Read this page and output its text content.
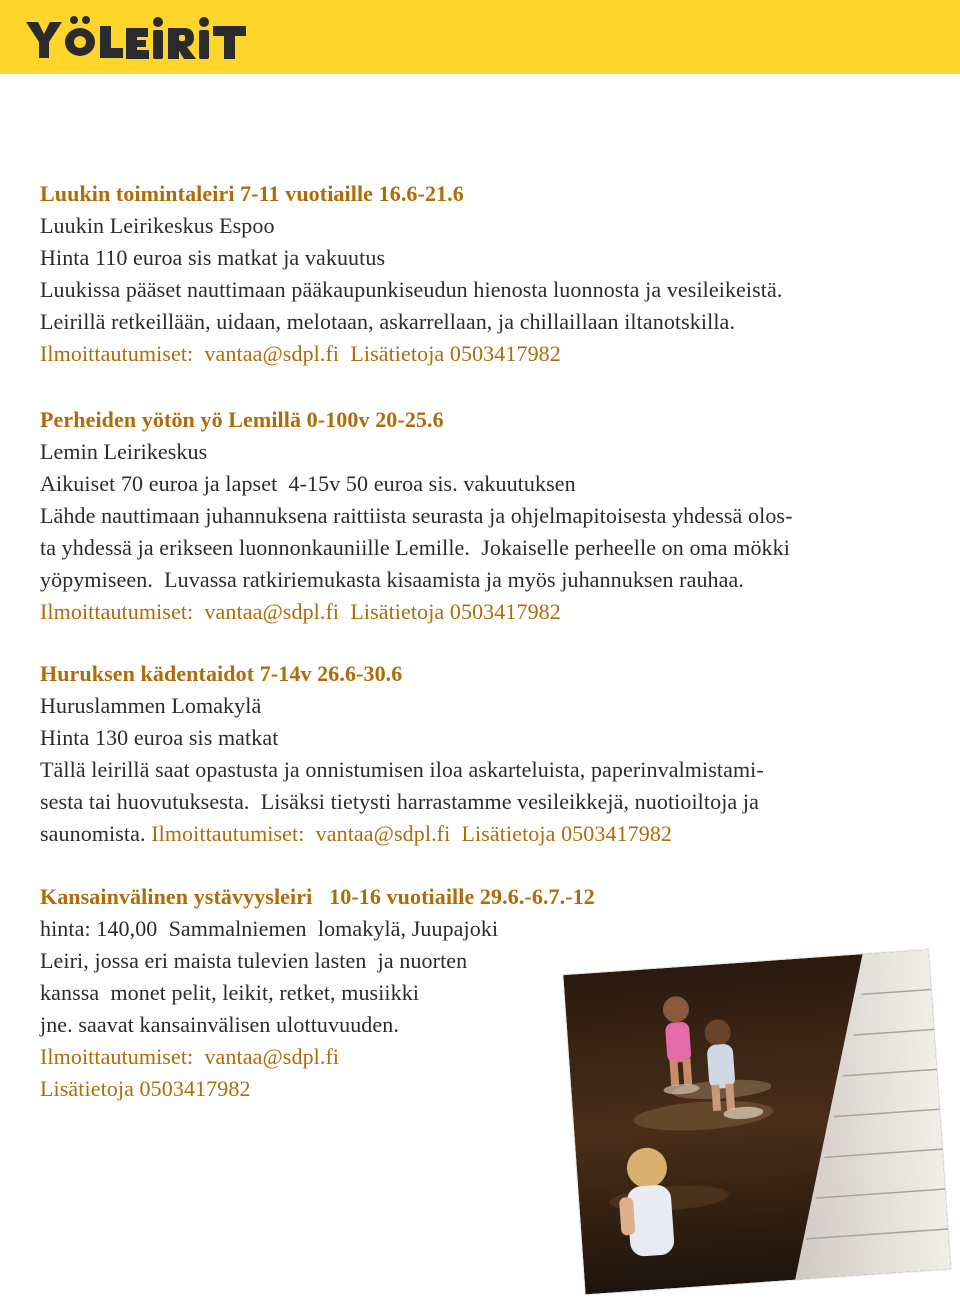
Luukin toimintaleiri 7-11 vuotiaille 16.6-21.6
Luukin Leirikeskus Espoo
Hinta 110 euroa sis matkat ja vakuutus
Luukissa pääset nauttimaan pääkaupunkiseudun hienosta luonnosta ja vesileikeistä.
Leirillä retkeillään, uidaan, melotaan, askarrellaan, ja chillaillaan iltanotskilla.
Ilmoittautumiset:  vantaa@sdpl.fi  Lisätietoja 0503417982
Perheiden yötön yö Lemillä 0-100v 20-25.6
Lemin Leirikeskus
Aikuiset 70 euroa ja lapset  4-15v 50 euroa sis. vakuutuksen
Lähde nauttimaan juhannuksena raittiista seurasta ja ohjelmapitoisesta yhdessä olos-
ta yhdessä ja erikseen luonnonkauniille Lemille.  Jokaiselle perheelle on oma mökki
yöpymiseen.  Luvassa ratkiriemukasta kisaamista ja myös juhannuksen rauhaa.
Ilmoittautumiset:  vantaa@sdpl.fi  Lisätietoja 0503417982
Huruksen kädentaidot 7-14v 26.6-30.6
Huruslammen Lomakylä
Hinta 130 euroa sis matkat
Tällä leirillä saat opastusta ja onnistumisen iloa askarteluista, paperinvalmistami-
sesta tai huovutuksesta.  Lisäksi tietysti harrastamme vesileikkejä, nuotioiltoja ja
saunomista. Ilmoittautumiset:  vantaa@sdpl.fi  Lisätietoja 0503417982
Kansainvälinen ystävyysleiri   10-16 vuotiaille 29.6.-6.7.-12
hinta: 140,00  Sammalniemen  lomakylä, Juupajoki
Leiri, jossa eri maista tulevien lasten  ja nuorten
kanssa  monet pelit, leikit, retket, musiikki
jne. saavat kansainvälisen ulottuvuuden.
Ilmoittautumiset:  vantaa@sdpl.fi
Lisätietoja 0503417982
